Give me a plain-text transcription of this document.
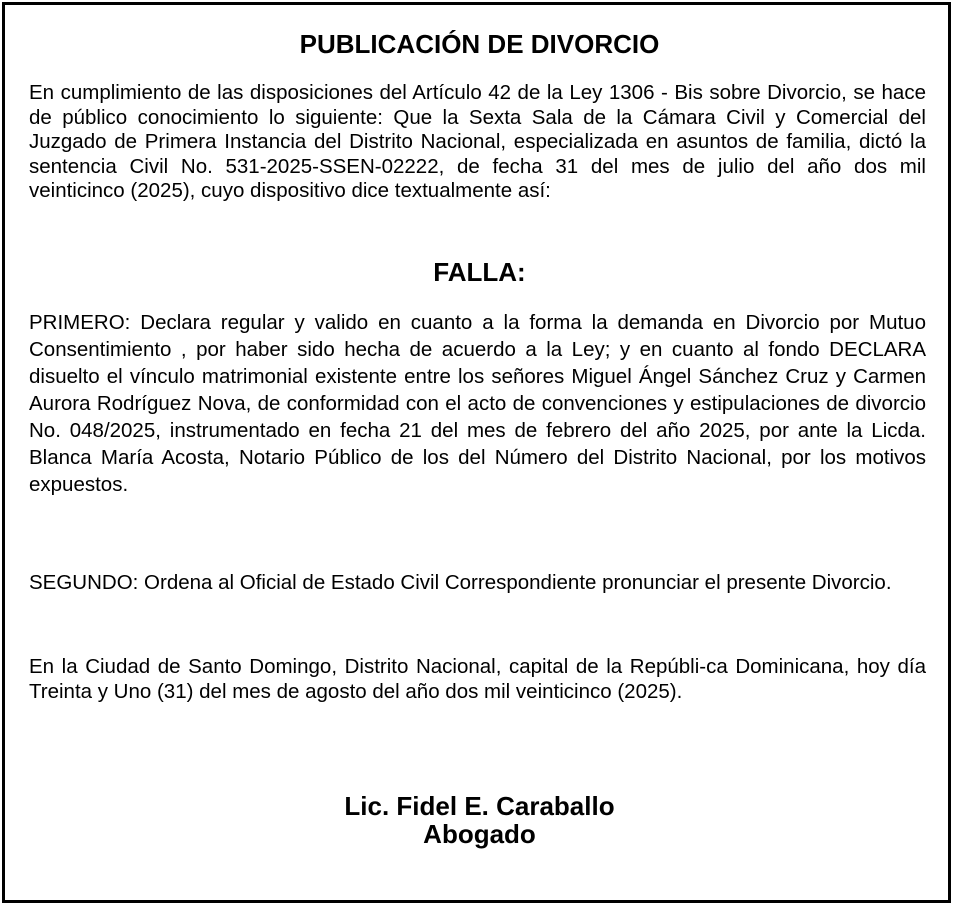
PUBLICACIÓN DE DIVORCIO

En cumplimiento de las disposiciones del Artículo 42 de la Ley 1306 - Bis sobre Divorcio, se hace de público conocimiento lo siguiente: Que la Sexta Sala de la Cámara Civil y Comercial del Juzgado de Primera Instancia del Distrito Nacional, especializada en asuntos de familia, dictó la sentencia Civil No. 531-2025-SSEN-02222, de fecha 31 del mes de julio del año dos mil veinticinco (2025), cuyo dispositivo dice textualmente así:

FALLA:

PRIMERO: Declara regular y valido en cuanto a la forma la demanda en Divorcio por Mutuo Consentimiento , por haber sido hecha de acuerdo a la Ley; y en cuanto al fondo DECLARA disuelto el vínculo matrimonial existente entre los señores Miguel Ángel Sánchez Cruz y Carmen Aurora Rodríguez Nova, de conformidad con el acto de convenciones y estipulaciones de divorcio No. 048/2025, instrumentado en fecha 21 del mes de febrero del año 2025, por ante la Licda. Blanca María Acosta, Notario Público de los del Número del Distrito Nacional, por los motivos expuestos.

SEGUNDO: Ordena al Oficial de Estado Civil Correspondiente pronunciar el presente Divorcio.

En la Ciudad de Santo Domingo, Distrito Nacional, capital de la Repúbli-ca Dominicana, hoy día Treinta y Uno (31) del mes de agosto del año dos mil veinticinco (2025).

Lic. Fidel E. Caraballo

Abogado
